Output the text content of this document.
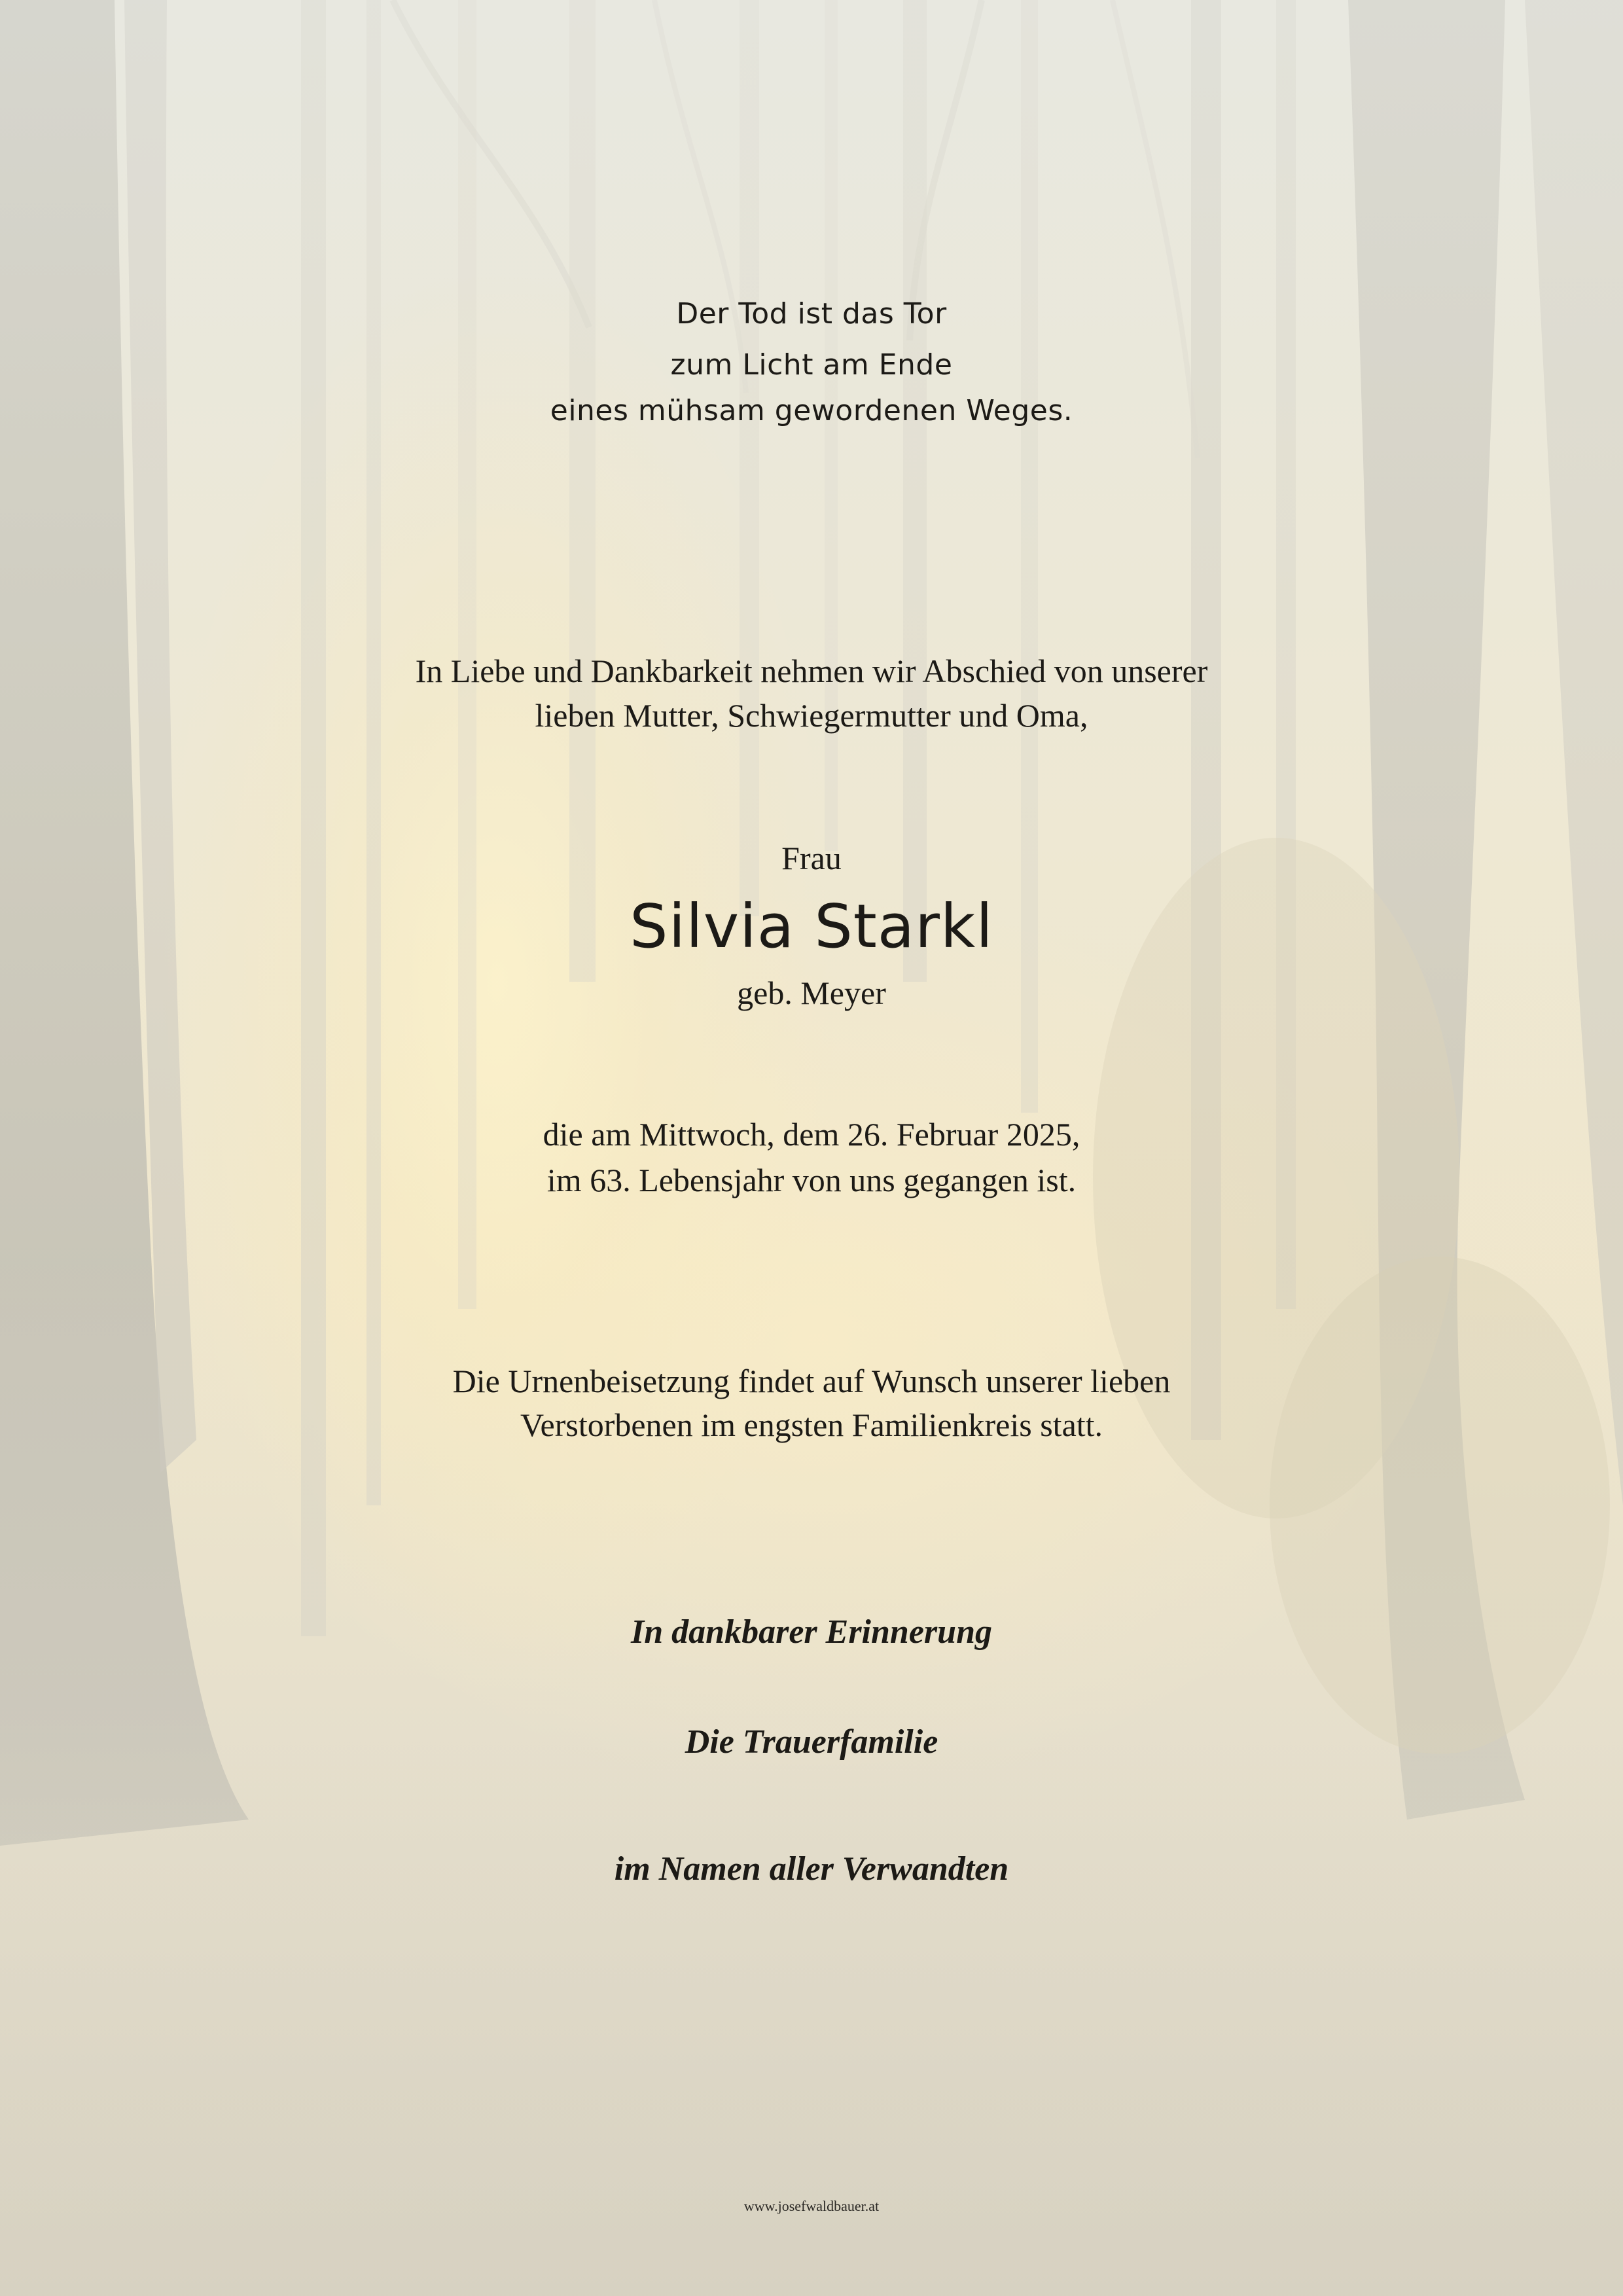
Der Tod ist das Tor
zum Licht am Ende
eines mühsam gewordenen Weges.
In Liebe und Dankbarkeit nehmen wir Abschied von unserer
lieben Mutter, Schwiegermutter und Oma,
Frau
Silvia Starkl
geb. Meyer
die am Mittwoch, dem 26. Februar 2025,
im 63. Lebensjahr von uns gegangen ist.
Die Urnenbeisetzung findet auf Wunsch unserer lieben
Verstorbenen im engsten Familienkreis statt.
In dankbarer Erinnerung
Die Trauerfamilie
im Namen aller Verwandten
www.josefwaldbauer.at
